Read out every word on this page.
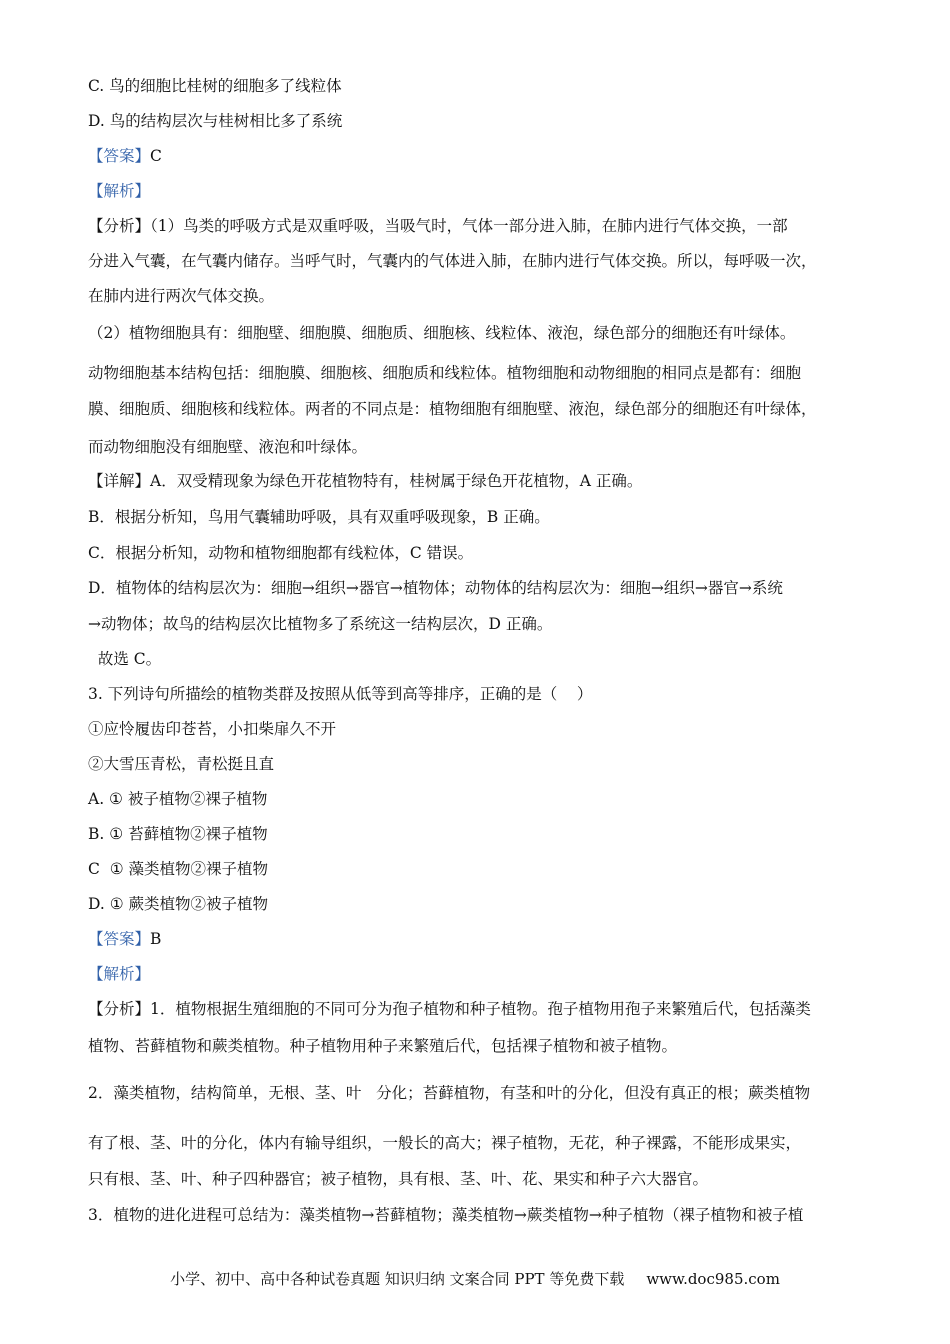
C. 鸟的细胞比桂树的细胞多了线粒体
D. 鸟的结构层次与桂树相比多了系统
【答案】C
【解析】
【分析】（1）鸟类的呼吸方式是双重呼吸，当吸气时，气体一部分进入肺，在肺内进行气体交换，一部
分进入气囊，在气囊内储存。当呼气时，气囊内的气体进入肺，在肺内进行气体交换。所以，每呼吸一次，
在肺内进行两次气体交换。
（2）植物细胞具有：细胞壁、细胞膜、细胞质、细胞核、线粒体、液泡，绿色部分的细胞还有叶绿体。
动物细胞基本结构包括：细胞膜、细胞核、细胞质和线粒体。植物细胞和动物细胞的相同点是都有：细胞
膜、细胞质、细胞核和线粒体。两者的不同点是：植物细胞有细胞壁、液泡，绿色部分的细胞还有叶绿体，
而动物细胞没有细胞壁、液泡和叶绿体。
【详解】A．双受精现象为绿色开花植物特有，桂树属于绿色开花植物，A 正确。
B．根据分析知，鸟用气囊辅助呼吸，具有双重呼吸现象，B 正确。
C．根据分析知，动物和植物细胞都有线粒体，C 错误。
D．植物体的结构层次为：细胞→组织→器官→植物体；动物体的结构层次为：细胞→组织→器官→系统
→动物体；故鸟的结构层次比植物多了系统这一结构层次，D 正确。
故选 C。
3. 下列诗句所描绘的植物类群及按照从低等到高等排序，正确的是（    ）
①应怜履齿印苍苔，小扣柴扉久不开
②大雪压青松，青松挺且直
A. ① 被子植物②裸子植物
B. ① 苔藓植物②裸子植物
C  ① 藻类植物②裸子植物
D. ① 蕨类植物②被子植物
【答案】B
【解析】
【分析】1．植物根据生殖细胞的不同可分为孢子植物和种子植物。孢子植物用孢子来繁殖后代，包括藻类
植物、苔藓植物和蕨类植物。种子植物用种子来繁殖后代，包括裸子植物和被子植物。
2．藻类植物，结构简单，无根、茎、叶   分化；苔藓植物，有茎和叶的分化，但没有真正的根；蕨类植物
有了根、茎、叶的分化，体内有输导组织，一般长的高大；裸子植物，无花，种子裸露，不能形成果实，
只有根、茎、叶、种子四种器官；被子植物，具有根、茎、叶、花、果实和种子六大器官。
3．植物的进化进程可总结为：藻类植物→苔藓植物；藻类植物→蕨类植物→种子植物（裸子植物和被子植
小学、初中、高中各种试卷真题 知识归纳 文案合同 PPT 等免费下载 www.doc985.com
